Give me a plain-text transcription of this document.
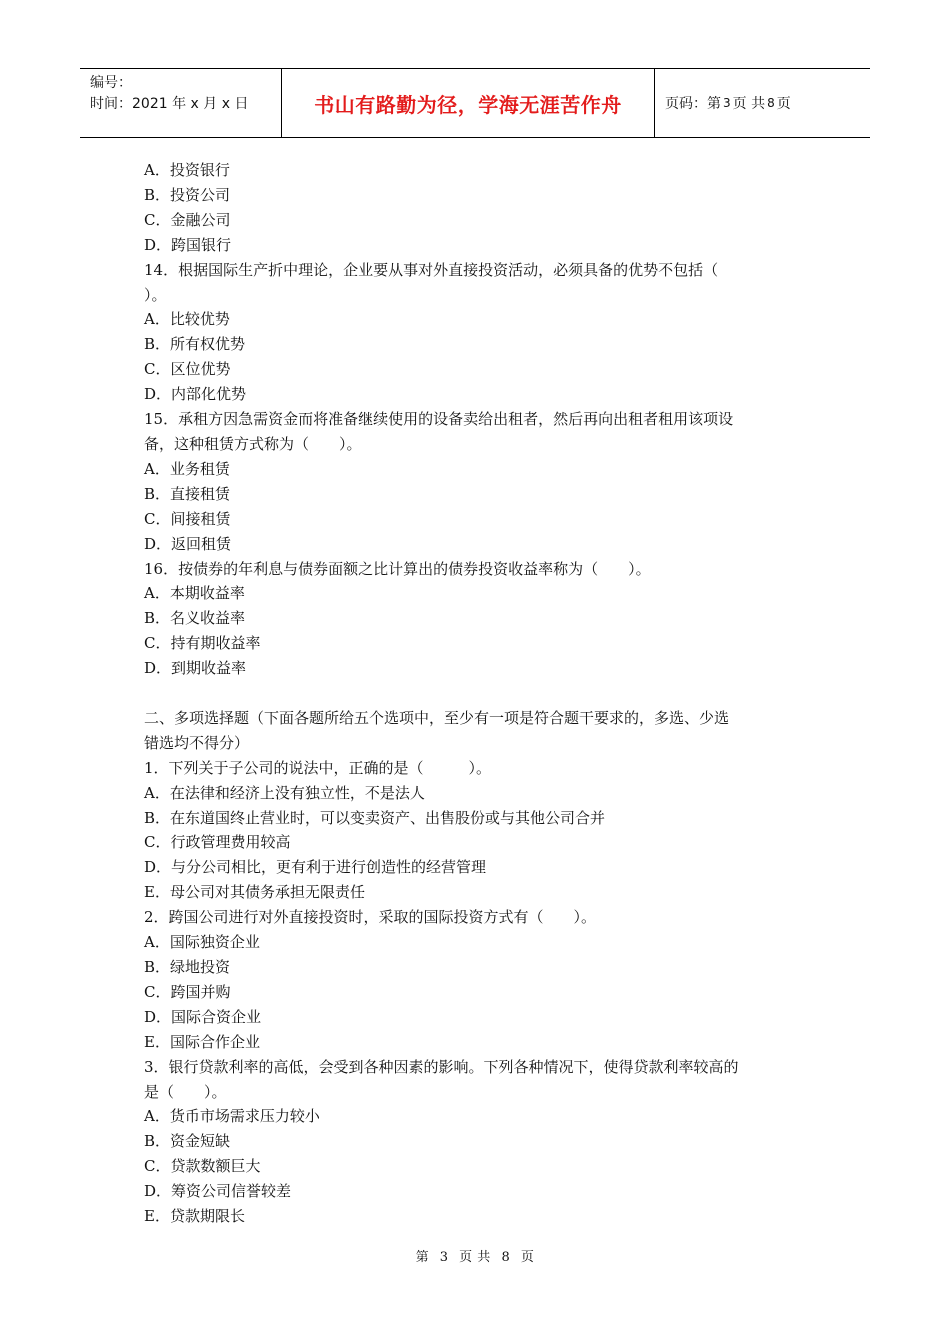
编号：
时间：2021 年 x 月 x 日	书山有路勤为径，学海无涯苦作舟	页码：第 3 页 共 8 页
A．投资银行
B．投资公司
C．金融公司
D．跨国银行
14．根据国际生产折中理论，企业要从事对外直接投资活动，必须具备的优势不包括（
）。
A．比较优势
B．所有权优势
C．区位优势
D．内部化优势
15．承租方因急需资金而将准备继续使用的设备卖给出租者，然后再向出租者租用该项设
备，这种租赁方式称为（　　）。
A．业务租赁
B．直接租赁
C．间接租赁
D．返回租赁
16．按债券的年利息与债券面额之比计算出的债券投资收益率称为（　　）。
A．本期收益率
B．名义收益率
C．持有期收益率
D．到期收益率
二、多项选择题（下面各题所给五个选项中，至少有一项是符合题干要求的，多选、少选
错选均不得分）
1．下列关于子公司的说法中，正确的是（　　　）。
A．在法律和经济上没有独立性，不是法人
B．在东道国终止营业时，可以变卖资产、出售股份或与其他公司合并
C．行政管理费用较高
D．与分公司相比，更有利于进行创造性的经营管理
E．母公司对其债务承担无限责任
2．跨国公司进行对外直接投资时，采取的国际投资方式有（　　）。
A．国际独资企业
B．绿地投资
C．跨国并购
D．国际合资企业
E．国际合作企业
3．银行贷款利率的高低，会受到各种因素的影响。下列各种情况下，使得贷款利率较高的
是（　　）。
A．货币市场需求压力较小
B．资金短缺
C．贷款数额巨大
D．筹资公司信誉较差
E．贷款期限长
第 3 页 共 8 页
